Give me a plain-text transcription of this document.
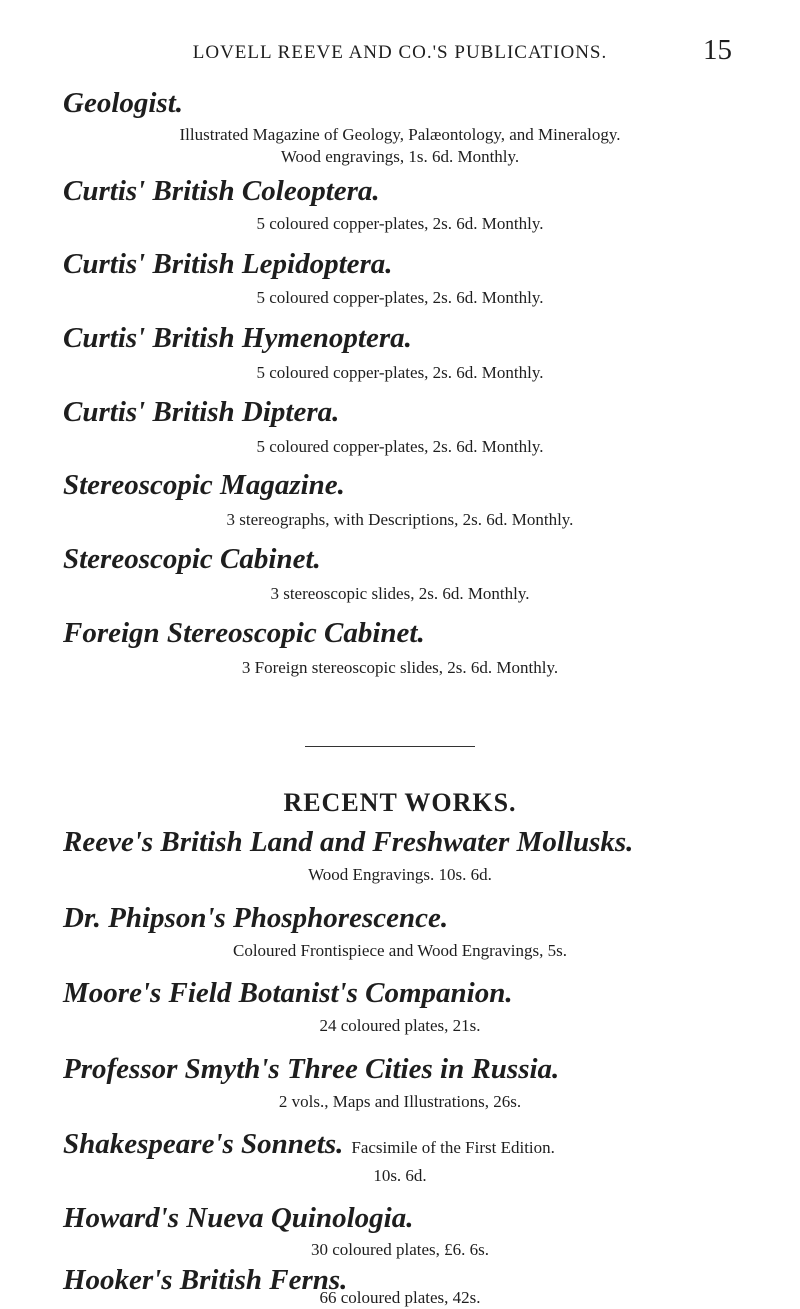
LOVELL REEVE AND CO.'S PUBLICATIONS.	15
Geologist.
Illustrated Magazine of Geology, Palæontology, and Mineralogy.
Wood engravings, 1s. 6d. Monthly.
Curtis' British Coleoptera.
5 coloured copper-plates, 2s. 6d. Monthly.
Curtis' British Lepidoptera.
5 coloured copper-plates, 2s. 6d. Monthly.
Curtis' British Hymenoptera.
5 coloured copper-plates, 2s. 6d. Monthly.
Curtis' British Diptera.
5 coloured copper-plates, 2s. 6d. Monthly.
Stereoscopic Magazine.
3 stereographs, with Descriptions, 2s. 6d. Monthly.
Stereoscopic Cabinet.
3 stereoscopic slides, 2s. 6d. Monthly.
Foreign Stereoscopic Cabinet.
3 Foreign stereoscopic slides, 2s. 6d. Monthly.
RECENT WORKS.
Reeve's British Land and Freshwater Mollusks.
Wood Engravings. 10s. 6d.
Dr. Phipson's Phosphorescence.
Coloured Frontispiece and Wood Engravings, 5s.
Moore's Field Botanist's Companion.
24 coloured plates, 21s.
Professor Smyth's Three Cities in Russia.
2 vols., Maps and Illustrations, 26s.
Shakespeare's Sonnets. Facsimile of the First Edition.
10s. 6d.
Howard's Nueva Quinologia.
30 coloured plates, £6. 6s.
Hooker's British Ferns.
66 coloured plates, 42s.
